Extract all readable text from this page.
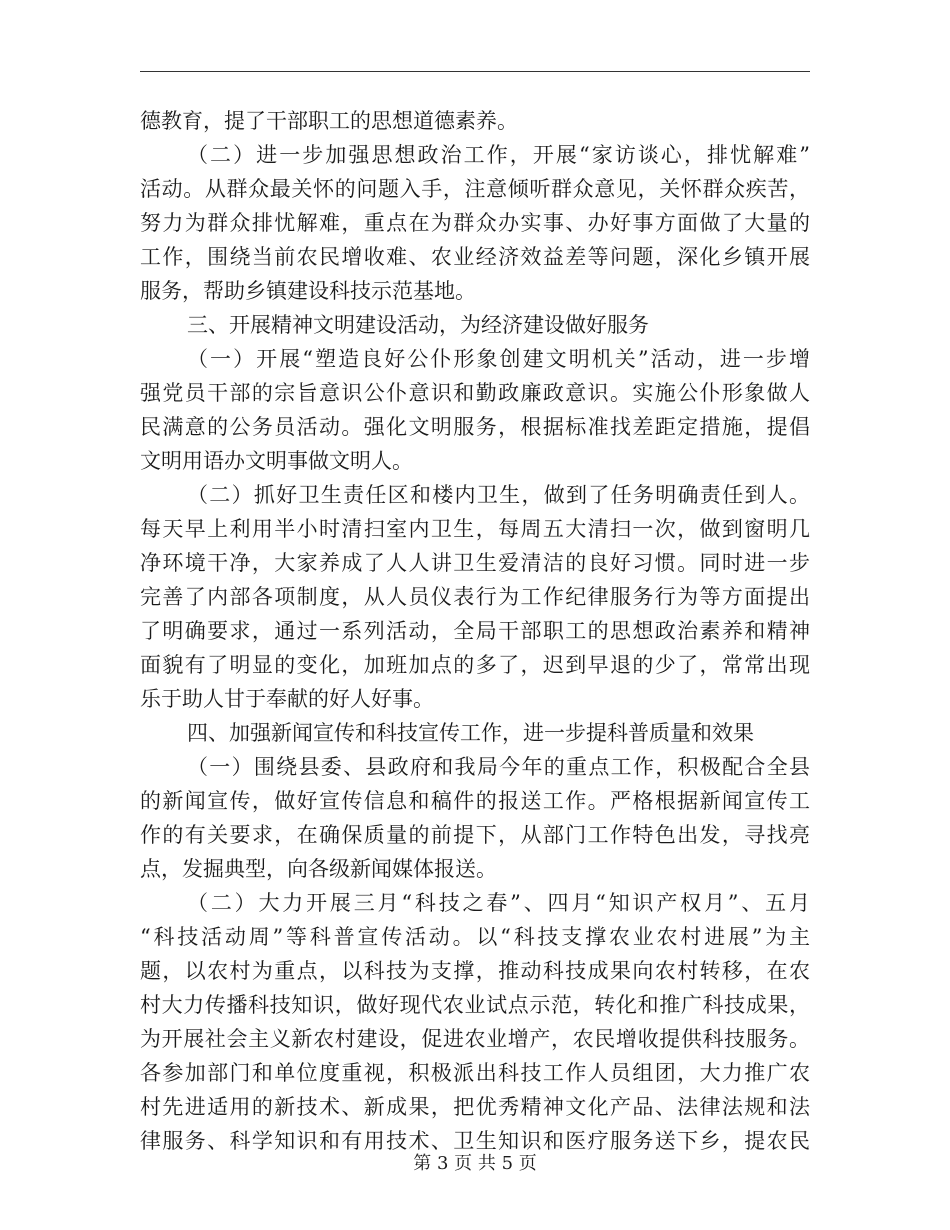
德教育，提了干部职工的思想道德素养。
（二）进一步加强思想政治工作，开展“家访谈心，排忧解难”
活动。从群众最关怀的问题入手，注意倾听群众意见，关怀群众疾苦，
努力为群众排忧解难，重点在为群众办实事、办好事方面做了大量的
工作，围绕当前农民增收难、农业经济效益差等问题，深化乡镇开展
服务，帮助乡镇建设科技示范基地。
三、开展精神文明建设活动，为经济建设做好服务
（一）开展“塑造良好公仆形象创建文明机关”活动，进一步增
强党员干部的宗旨意识公仆意识和勤政廉政意识。实施公仆形象做人
民满意的公务员活动。强化文明服务，根据标准找差距定措施，提倡
文明用语办文明事做文明人。
（二）抓好卫生责任区和楼内卫生，做到了任务明确责任到人。
每天早上利用半小时清扫室内卫生，每周五大清扫一次，做到窗明几
净环境干净，大家养成了人人讲卫生爱清洁的良好习惯。同时进一步
完善了内部各项制度，从人员仪表行为工作纪律服务行为等方面提出
了明确要求，通过一系列活动，全局干部职工的思想政治素养和精神
面貌有了明显的变化，加班加点的多了，迟到早退的少了，常常出现
乐于助人甘于奉献的好人好事。
四、加强新闻宣传和科技宣传工作，进一步提科普质量和效果
（一）围绕县委、县政府和我局今年的重点工作，积极配合全县
的新闻宣传，做好宣传信息和稿件的报送工作。严格根据新闻宣传工
作的有关要求，在确保质量的前提下，从部门工作特色出发，寻找亮
点，发掘典型，向各级新闻媒体报送。
（二）大力开展三月“科技之春”、四月“知识产权月”、五月
“科技活动周”等科普宣传活动。以“科技支撑农业农村进展”为主
题，以农村为重点，以科技为支撑，推动科技成果向农村转移，在农
村大力传播科技知识，做好现代农业试点示范，转化和推广科技成果，
为开展社会主义新农村建设，促进农业增产，农民增收提供科技服务。
各参加部门和单位度重视，积极派出科技工作人员组团，大力推广农
村先进适用的新技术、新成果，把优秀精神文化产品、法律法规和法
律服务、科学知识和有用技术、卫生知识和医疗服务送下乡，提农民
第 3 页 共 5 页
